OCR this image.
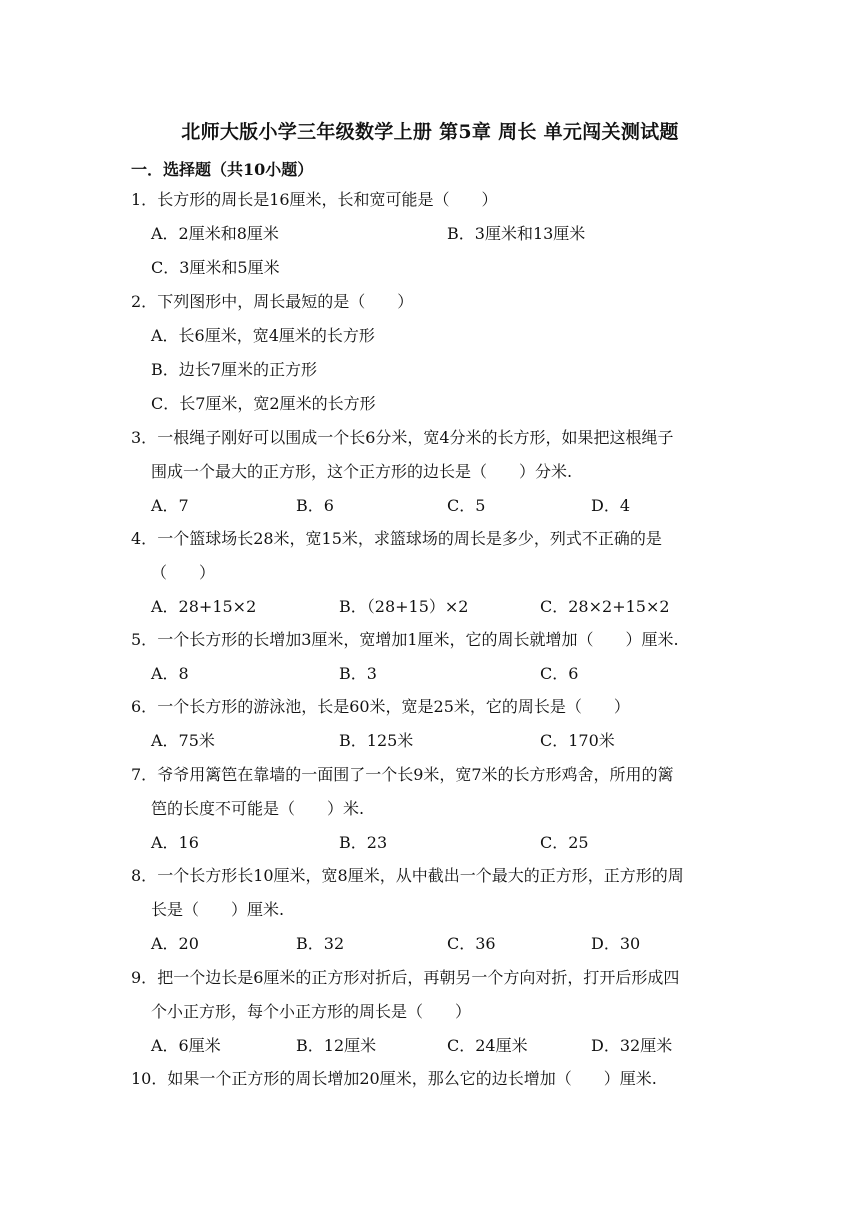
北师大版小学三年级数学上册 第5章 周长 单元闯关测试题
一．选择题（共10小题）
1．长方形的周长是16厘米，长和宽可能是（　　）
A．2厘米和8厘米	B．3厘米和13厘米
C．3厘米和5厘米
2．下列图形中，周长最短的是（　　）
A．长6厘米，宽4厘米的长方形
B．边长7厘米的正方形
C．长7厘米，宽2厘米的长方形
3．一根绳子刚好可以围成一个长6分米，宽4分米的长方形，如果把这根绳子
围成一个最大的正方形，这个正方形的边长是（　　）分米.
A．7	B．6	C．5	D．4
4．一个篮球场长28米，宽15米，求篮球场的周长是多少，列式不正确的是
（　　）
A．28+15×2	B．（28+15）×2	C．28×2+15×2
5．一个长方形的长增加3厘米，宽增加1厘米，它的周长就增加（　　）厘米.
A．8	B．3	C．6
6．一个长方形的游泳池，长是60米，宽是25米，它的周长是（　　）
A．75米	B．125米	C．170米
7．爷爷用篱笆在靠墙的一面围了一个长9米，宽7米的长方形鸡舍，所用的篱
笆的长度不可能是（　　）米.
A．16	B．23	C．25
8．一个长方形长10厘米，宽8厘米，从中截出一个最大的正方形，正方形的周
长是（　　）厘米.
A．20	B．32	C．36	D．30
9．把一个边长是6厘米的正方形对折后，再朝另一个方向对折，打开后形成四
个小正方形，每个小正方形的周长是（　　）
A．6厘米	B．12厘米	C．24厘米	D．32厘米
10．如果一个正方形的周长增加20厘米，那么它的边长增加（　　）厘米.
